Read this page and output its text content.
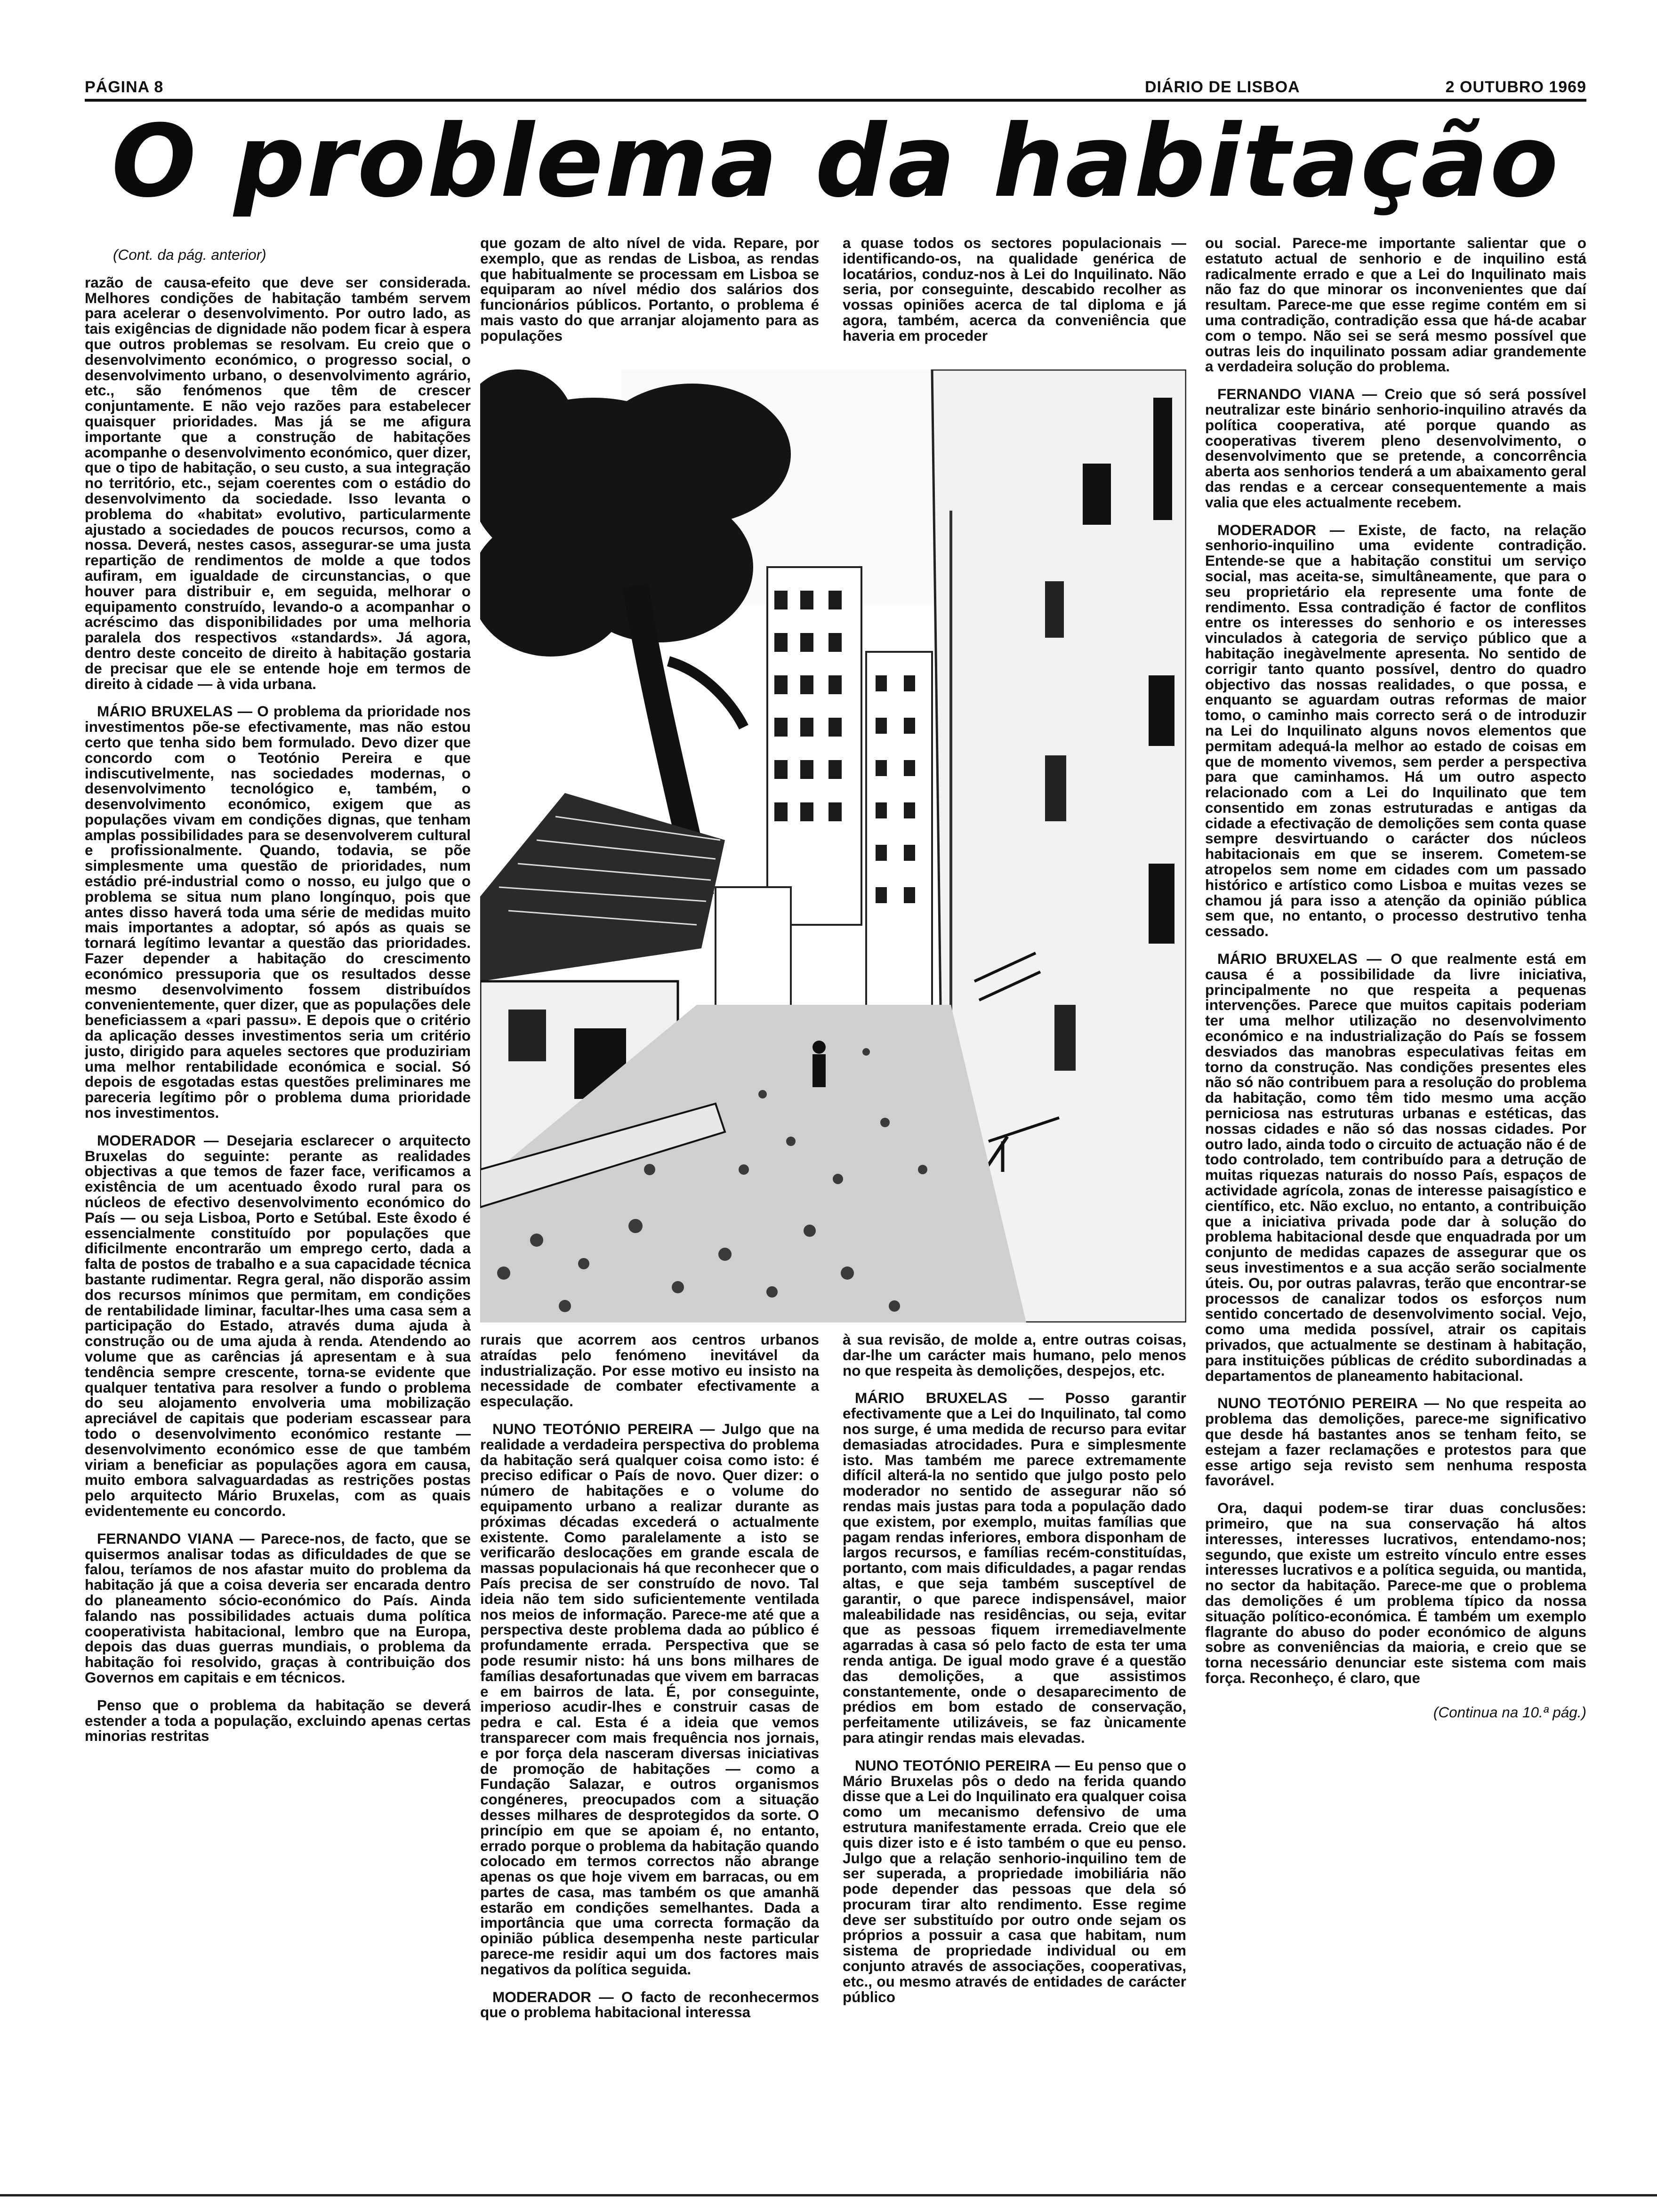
PÁGINA 8	DIÁRIO DE LISBOA	2 OUTUBRO 1969
O problema da habitação

(Cont. da pág. anterior)

razão de causa-efeito que deve ser considerada. Melhores condições de habitação também servem para acelerar o desenvolvimento. Por outro lado, as tais exigências de dignidade não podem ficar à espera que outros problemas se resolvam. Eu creio que o desenvolvimento económico, o progresso social, o desenvolvimento urbano, o desenvolvimento agrário, etc., são fenómenos que têm de crescer conjuntamente. E não vejo razões para estabelecer quaisquer prioridades. Mas já se me afigura importante que a construção de habitações acompanhe o desenvolvimento económico, quer dizer, que o tipo de habitação, o seu custo, a sua integração no território, etc., sejam coerentes com o estádio do desenvolvimento da sociedade. Isso levanta o problema do «habitat» evolutivo, particularmente ajustado a sociedades de poucos recursos, como a nossa. Deverá, nestes casos, assegurar-se uma justa repartição de rendimentos de molde a que todos aufiram, em igualdade de circunstancias, o que houver para distribuir e, em seguida, melhorar o equipamento construído, levando-o a acompanhar o acréscimo das disponibilidades por uma melhoria paralela dos respectivos «standards». Já agora, dentro deste conceito de direito à habitação gostaria de precisar que ele se entende hoje em termos de direito à cidade — à vida urbana.

MÁRIO BRUXELAS — O problema da prioridade nos investimentos põe-se efectivamente, mas não estou certo que tenha sido bem formulado. Devo dizer que concordo com o Teotónio Pereira e que indiscutivelmente, nas sociedades modernas, o desenvolvimento tecnológico e, também, o desenvolvimento económico, exigem que as populações vivam em condições dignas, que tenham amplas possibilidades para se desenvolverem cultural e profissionalmente. Quando, todavia, se põe simplesmente uma questão de prioridades, num estádio pré-industrial como o nosso, eu julgo que o problema se situa num plano longínquo, pois que antes disso haverá toda uma série de medidas muito mais importantes a adoptar, só após as quais se tornará legítimo levantar a questão das prioridades. Fazer depender a habitação do crescimento económico pressuporia que os resultados desse mesmo desenvolvimento fossem distribuídos convenientemente, quer dizer, que as populações dele beneficiassem a «pari passu». E depois que o critério da aplicação desses investimentos seria um critério justo, dirigido para aqueles sectores que produziriam uma melhor rentabilidade económica e social. Só depois de esgotadas estas questões preliminares me pareceria legítimo pôr o problema duma prioridade nos investimentos.

MODERADOR — Desejaria esclarecer o arquitecto Bruxelas do seguinte: perante as realidades objectivas a que temos de fazer face, verificamos a existência de um acentuado êxodo rural para os núcleos de efectivo desenvolvimento económico do País — ou seja Lisboa, Porto e Setúbal. Este êxodo é essencialmente constituído por populações que dificilmente encontrarão um emprego certo, dada a falta de postos de trabalho e a sua capacidade técnica bastante rudimentar. Regra geral, não disporão assim dos recursos mínimos que permitam, em condições de rentabilidade liminar, facultar-lhes uma casa sem a participação do Estado, através duma ajuda à construção ou de uma ajuda à renda. Atendendo ao volume que as carências já apresentam e à sua tendência sempre crescente, torna-se evidente que qualquer tentativa para resolver a fundo o problema do seu alojamento envolveria uma mobilização apreciável de capitais que poderiam escassear para todo o desenvolvimento económico restante — desenvolvimento económico esse de que também viriam a beneficiar as populações agora em causa, muito embora salvaguardadas as restrições postas pelo arquitecto Mário Bruxelas, com as quais evidentemente eu concordo.

FERNANDO VIANA — Parece-nos, de facto, que se quisermos analisar todas as dificuldades de que se falou, teríamos de nos afastar muito do problema da habitação já que a coisa deveria ser encarada dentro do planeamento sócio-económico do País. Ainda falando nas possibilidades actuais duma política cooperativista habitacional, lembro que na Europa, depois das duas guerras mundiais, o problema da habitação foi resolvido, graças à contribuição dos Governos em capitais e em técnicos.

Penso que o problema da habitação se deverá estender a toda a população, excluindo apenas certas minorias restritas

que gozam de alto nível de vida. Repare, por exemplo, que as rendas de Lisboa, as rendas que habitualmente se processam em Lisboa se equiparam ao nível médio dos salários dos funcionários públicos. Portanto, o problema é mais vasto do que arranjar alojamento para as populações

a quase todos os sectores populacionais — identificando-os, na qualidade genérica de locatários, conduz-nos à Lei do Inquilinato. Não seria, por conseguinte, descabido recolher as vossas opiniões acerca de tal diploma e já agora, também, acerca da conveniência que haveria em proceder

rurais que acorrem aos centros urbanos atraídas pelo fenómeno inevitável da industrialização. Por esse motivo eu insisto na necessidade de combater efectivamente a especulação.

NUNO TEOTÓNIO PEREIRA — Julgo que na realidade a verdadeira perspectiva do problema da habitação será qualquer coisa como isto: é preciso edificar o País de novo. Quer dizer: o número de habitações e o volume do equipamento urbano a realizar durante as próximas décadas excederá o actualmente existente. Como paralelamente a isto se verificarão deslocações em grande escala de massas populacionais há que reconhecer que o País precisa de ser construído de novo. Tal ideia não tem sido suficientemente ventilada nos meios de informação. Parece-me até que a perspectiva deste problema dada ao público é profundamente errada. Perspectiva que se pode resumir nisto: há uns bons milhares de famílias desafortunadas que vivem em barracas e em bairros de lata. É, por conseguinte, imperioso acudir-lhes e construir casas de pedra e cal. Esta é a ideia que vemos transparecer com mais frequência nos jornais, e por força dela nasceram diversas iniciativas de promoção de habitações — como a Fundação Salazar, e outros organismos congéneres, preocupados com a situação desses milhares de desprotegidos da sorte. O princípio em que se apoiam é, no entanto, errado porque o problema da habitação quando colocado em termos correctos não abrange apenas os que hoje vivem em barracas, ou em partes de casa, mas também os que amanhã estarão em condições semelhantes. Dada a importância que uma correcta formação da opinião pública desempenha neste particular parece-me residir aqui um dos factores mais negativos da política seguida.

MODERADOR — O facto de reconhecermos que o problema habitacional interessa

à sua revisão, de molde a, entre outras coisas, dar-lhe um carácter mais humano, pelo menos no que respeita às demolições, despejos, etc.

MÁRIO BRUXELAS — Posso garantir efectivamente que a Lei do Inquilinato, tal como nos surge, é uma medida de recurso para evitar demasiadas atrocidades. Pura e simplesmente isto. Mas também me parece extremamente difícil alterá-la no sentido que julgo posto pelo moderador no sentido de assegurar não só rendas mais justas para toda a população dado que existem, por exemplo, muitas famílias que pagam rendas inferiores, embora disponham de largos recursos, e famílias recém-constituídas, portanto, com mais dificuldades, a pagar rendas altas, e que seja também susceptível de garantir, o que parece indispensável, maior maleabilidade nas residências, ou seja, evitar que as pessoas fiquem irremediavelmente agarradas à casa só pelo facto de esta ter uma renda antiga. De igual modo grave é a questão das demolições, a que assistimos constantemente, onde o desaparecimento de prédios em bom estado de conservação, perfeitamente utilizáveis, se faz ùnicamente para atingir rendas mais elevadas.

NUNO TEOTÓNIO PEREIRA — Eu penso que o Mário Bruxelas pôs o dedo na ferida quando disse que a Lei do Inquilinato era qualquer coisa como um mecanismo defensivo de uma estrutura manifestamente errada. Creio que ele quis dizer isto e é isto também o que eu penso. Julgo que a relação senhorio-inquilino tem de ser superada, a propriedade imobiliária não pode depender das pessoas que dela só procuram tirar alto rendimento. Esse regime deve ser substituído por outro onde sejam os próprios a possuir a casa que habitam, num sistema de propriedade individual ou em conjunto através de associações, cooperativas, etc., ou mesmo através de entidades de carácter público

ou social. Parece-me importante salientar que o estatuto actual de senhorio e de inquilino está radicalmente errado e que a Lei do Inquilinato mais não faz do que minorar os inconvenientes que daí resultam. Parece-me que esse regime contém em si uma contradição, contradição essa que há-de acabar com o tempo. Não sei se será mesmo possível que outras leis do inquilinato possam adiar grandemente a verdadeira solução do problema.

FERNANDO VIANA — Creio que só será possível neutralizar este binário senhorio-inquilino através da política cooperativa, até porque quando as cooperativas tiverem pleno desenvolvimento, o desenvolvimento que se pretende, a concorrência aberta aos senhorios tenderá a um abaixamento geral das rendas e a cercear consequentemente a mais valia que eles actualmente recebem.

MODERADOR — Existe, de facto, na relação senhorio-inquilino uma evidente contradição. Entende-se que a habitação constitui um serviço social, mas aceita-se, simultâneamente, que para o seu proprietário ela represente uma fonte de rendimento. Essa contradição é factor de conflitos entre os interesses do senhorio e os interesses vinculados à categoria de serviço público que a habitação inegàvelmente apresenta. No sentido de corrigir tanto quanto possível, dentro do quadro objectivo das nossas realidades, o que possa, e enquanto se aguardam outras reformas de maior tomo, o caminho mais correcto será o de introduzir na Lei do Inquilinato alguns novos elementos que permitam adequá-la melhor ao estado de coisas em que de momento vivemos, sem perder a perspectiva para que caminhamos. Há um outro aspecto relacionado com a Lei do Inquilinato que tem consentido em zonas estruturadas e antigas da cidade a efectivação de demolições sem conta quase sempre desvirtuando o carácter dos núcleos habitacionais em que se inserem. Cometem-se atropelos sem nome em cidades com um passado histórico e artístico como Lisboa e muitas vezes se chamou já para isso a atenção da opinião pública sem que, no entanto, o processo destrutivo tenha cessado.

MÁRIO BRUXELAS — O que realmente está em causa é a possibilidade da livre iniciativa, principalmente no que respeita a pequenas intervenções. Parece que muitos capitais poderiam ter uma melhor utilização no desenvolvimento económico e na industrialização do País se fossem desviados das manobras especulativas feitas em torno da construção. Nas condições presentes eles não só não contribuem para a resolução do problema da habitação, como têm tido mesmo uma acção perniciosa nas estruturas urbanas e estéticas, das nossas cidades e não só das nossas cidades. Por outro lado, ainda todo o circuito de actuação não é de todo controlado, tem contribuído para a detrução de muitas riquezas naturais do nosso País, espaços de actividade agrícola, zonas de interesse paisagístico e científico, etc. Não excluo, no entanto, a contribuição que a iniciativa privada pode dar à solução do problema habitacional desde que enquadrada por um conjunto de medidas capazes de assegurar que os seus investimentos e a sua acção serão socialmente úteis. Ou, por outras palavras, terão que encontrar-se processos de canalizar todos os esforços num sentido concertado de desenvolvimento social. Vejo, como uma medida possível, atrair os capitais privados, que actualmente se destinam à habitação, para instituições públicas de crédito subordinadas a departamentos de planeamento habitacional.

NUNO TEOTÓNIO PEREIRA — No que respeita ao problema das demolições, parece-me significativo que desde há bastantes anos se tenham feito, se estejam a fazer reclamações e protestos para que esse artigo seja revisto sem nenhuma resposta favorável.

Ora, daqui podem-se tirar duas conclusões: primeiro, que na sua conservação há altos interesses, interesses lucrativos, entendamo-nos; segundo, que existe um estreito vínculo entre esses interesses lucrativos e a política seguida, ou mantida, no sector da habitação. Parece-me que o problema das demolições é um problema típico da nossa situação político-económica. É também um exemplo flagrante do abuso do poder económico de alguns sobre as conveniências da maioria, e creio que se torna necessário denunciar este sistema com mais força. Reconheço, é claro, que

(Continua na 10.ª pág.)
